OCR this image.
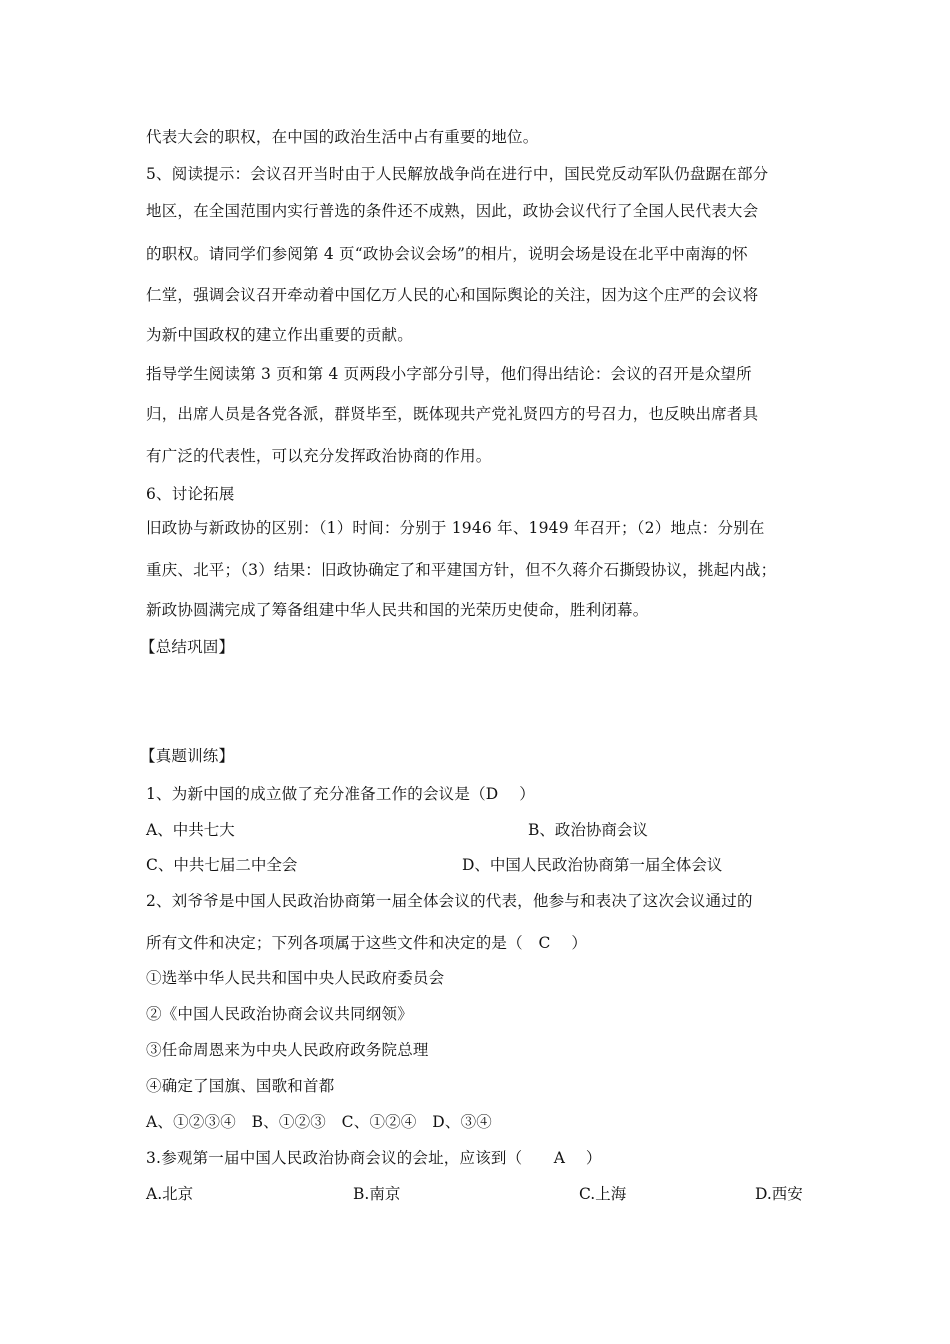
代表大会的职权，在中国的政治生活中占有重要的地位。
5、阅读提示：会议召开当时由于人民解放战争尚在进行中，国民党反动军队仍盘踞在部分
地区，在全国范围内实行普选的条件还不成熟，因此，政协会议代行了全国人民代表大会
的职权。请同学们参阅第 4 页“政协会议会场”的相片，说明会场是设在北平中南海的怀
仁堂，强调会议召开牵动着中国亿万人民的心和国际舆论的关注，因为这个庄严的会议将
为新中国政权的建立作出重要的贡献。
指导学生阅读第 3 页和第 4 页两段小字部分引导，他们得出结论：会议的召开是众望所
归，出席人员是各党各派，群贤毕至，既体现共产党礼贤四方的号召力，也反映出席者具
有广泛的代表性，可以充分发挥政治协商的作用。
6、讨论拓展
旧政协与新政协的区别：（1）时间：分别于 1946 年、1949 年召开；（2）地点：分别在
重庆、北平；（3）结果：旧政协确定了和平建国方针，但不久蒋介石撕毁协议，挑起内战；
新政协圆满完成了筹备组建中华人民共和国的光荣历史使命，胜利闭幕。
【总结巩固】
【真题训练】
1、为新中国的成立做了充分准备工作的会议是（D　 ）
A、中共七大	B、政治协商会议
C、中共七届二中全会	D、中国人民政治协商第一届全体会议
2、刘爷爷是中国人民政治协商第一届全体会议的代表，他参与和表决了这次会议通过的
所有文件和决定；下列各项属于这些文件和决定的是（　C　 ）
①选举中华人民共和国中央人民政府委员会
②《中国人民政治协商会议共同纲领》
③任命周恩来为中央人民政府政务院总理
④确定了国旗、国歌和首都
A、①②③④　B、①②③　C、①②④　D、③④
3.参观第一届中国人民政治协商会议的会址，应该到（　　A　 ）
A.北京	B.南京	C.上海	D.西安
